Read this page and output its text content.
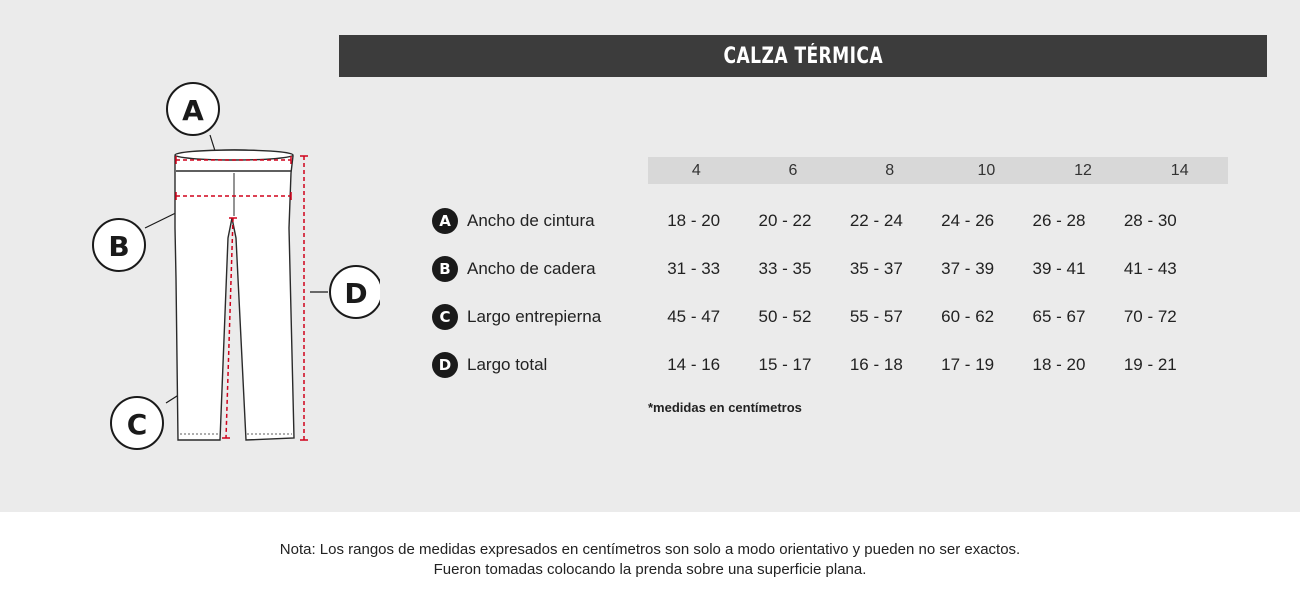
CALZA TÉRMICA
A
B
C
D
4	6	8	10	12	14
A Ancho de cintura	18 - 20	20 - 22	22 - 24	24 - 26	26 - 28	28 - 30
B Ancho de cadera	31 - 33	33 - 35	35 - 37	37 - 39	39 - 41	41 - 43
C Largo entrepierna	45 - 47	50 - 52	55 - 57	60 - 62	65 - 67	70 - 72
D Largo total	14 - 16	15 - 17	16 - 18	17 - 19	18 - 20	19 - 21
*medidas en centímetros
Nota: Los rangos de medidas expresados en centímetros son solo a modo orientativo y pueden no ser exactos.
Fueron tomadas colocando la prenda sobre una superficie plana.
